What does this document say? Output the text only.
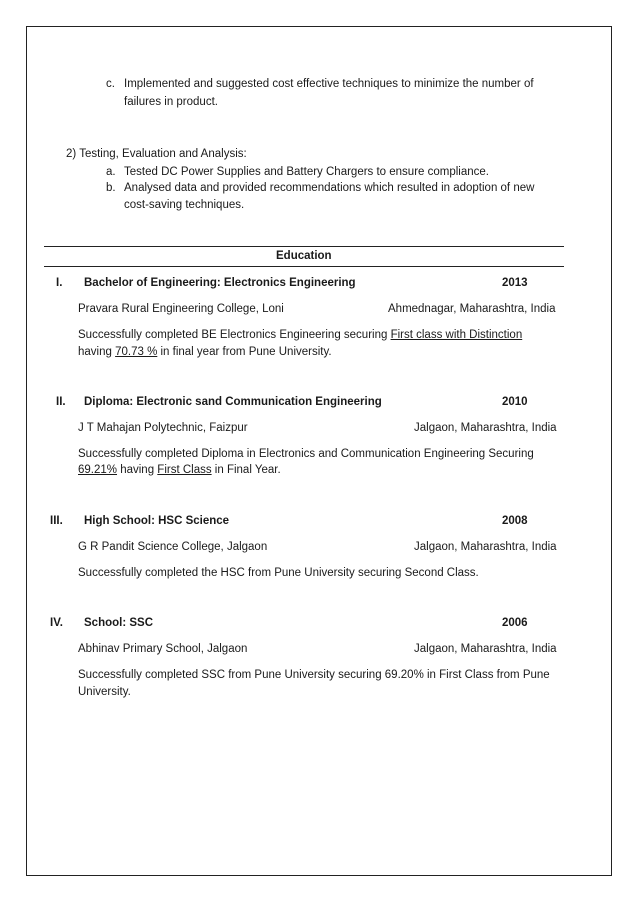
c. Implemented and suggested cost effective techniques to minimize the number of
failures in product.
2) Testing, Evaluation and Analysis:
a. Tested DC Power Supplies and Battery Chargers to ensure compliance.
b. Analysed data and provided recommendations which resulted in adoption of new
cost-saving techniques.
Education
I. Bachelor of Engineering: Electronics Engineering	2013
Pravara Rural Engineering College, Loni	Ahmednagar, Maharashtra, India
Successfully completed BE Electronics Engineering securing First class with Distinction
having 70.73 % in final year from Pune University.
II. Diploma: Electronic sand Communication Engineering	2010
J T Mahajan Polytechnic, Faizpur	Jalgaon, Maharashtra, India
Successfully completed Diploma in Electronics and Communication Engineering Securing
69.21% having First Class in Final Year.
III. High School: HSC Science	2008
G R Pandit Science College, Jalgaon	Jalgaon, Maharashtra, India
Successfully completed the HSC from Pune University securing Second Class.
IV. School: SSC	2006
Abhinav Primary School, Jalgaon	Jalgaon, Maharashtra, India
Successfully completed SSC from Pune University securing 69.20% in First Class from Pune
University.
